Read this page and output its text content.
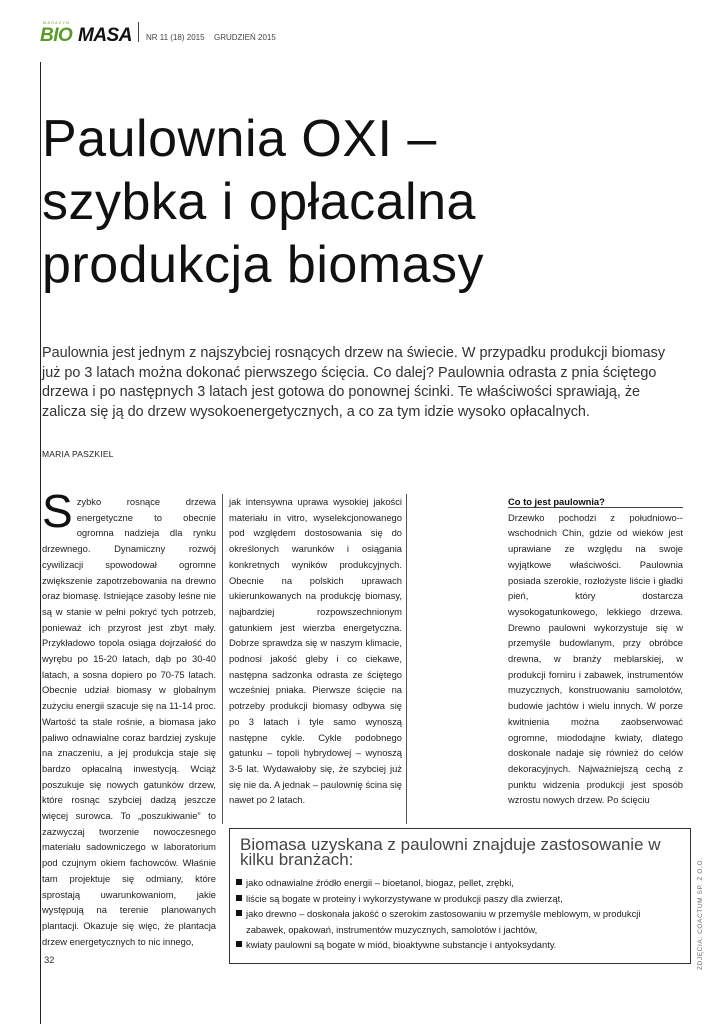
MAGAZYN
BIO MASA NR 11 (18) 2015 GRUDZIEŃ 2015
Paulownia OXI –
szybka i opłacalna
produkcja biomasy
Paulownia jest jednym z najszybciej rosnących drzew na świecie. W przypadku produkcji biomasy już po 3 latach można dokonać pierwszego ścięcia. Co dalej? Paulownia odrasta z pnia ściętego drzewa i po następnych 3 latach jest gotowa do ponownej ścinki. Te właściwości sprawiają, że zalicza się ją do drzew wysokoenergetycznych, a co za tym idzie wysoko opłacalnych.
MARIA PASZKIEL

Szybko rosnące drzewa energetyczne to obecnie ogromna nadzieja dla rynku drzewnego. Dynamiczny rozwój cywilizacji spowodował ogromne zwiększenie zapotrzebowania na drewno oraz biomasę. Istniejące zasoby leśne nie są w stanie w pełni pokryć tych potrzeb, ponieważ ich przyrost jest zbyt mały. Przykładowo topola osiąga dojrzałość do wyrębu po 15-20 latach, dąb po 30-40 latach, a sosna dopiero po 70-75 latach. Obecnie udział biomasy w globalnym zużyciu energii szacuje się na 11-14 proc. Wartość ta stale rośnie, a biomasa jako paliwo odnawialne coraz bardziej zyskuje na znaczeniu, a jej produkcja staje się bardzo opłacalną inwestycją. Wciąż poszukuje się nowych gatunków drzew, które rosnąc szybciej dadzą jeszcze więcej surowca. To „poszukiwanie” to zazwyczaj tworzenie nowoczesnego materiału sadowniczego w laboratorium pod czujnym okiem fachowców. Właśnie tam projektuje się odmiany, które sprostają uwarunkowaniom, jakie występują na terenie planowanych plantacji. Okazuje się więc, że plantacja drzew energetycznych to nic innego,

jak intensywna uprawa wysokiej jakości materiału in vitro, wyselekcjonowanego pod względem dostosowania się do określonych warunków i osiągania konkretnych wyników produkcyjnych. Obecnie na polskich uprawach ukierunkowanych na produkcję biomasy, najbardziej rozpowszechnionym gatunkiem jest wierzba energetyczna. Dobrze sprawdza się w naszym klimacie, podnosi jakość gleby i co ciekawe, następna sadzonka odrasta ze ściętego wcześniej pniaka. Pierwsze ścięcie na potrzeby produkcji biomasy odbywa się po 3 latach i tyle samo wynoszą następne cykle. Cykle podobnego gatunku – topoli hybrydowej – wynoszą 3-5 lat. Wydawałoby się, że szybciej już się nie da. A jednak – paulownię ścina się nawet po 2 latach.

Co to jest paulownia?

Drzewko pochodzi z południowo--wschodnich Chin, gdzie od wieków jest uprawiane ze względu na swoje wyjątkowe właściwości. Paulownia posiada szerokie, rozłożyste liście i gładki pień, który dostarcza wysokogatunkowego, lekkiego drzewa. Drewno paulowni wykorzystuje się w przemyśle budowlanym, przy obróbce drewna, w branży meblarskiej, w produkcji forniru i zabawek, instrumentów muzycznych, konstruowaniu samolotów, budowie jachtów i wielu innych. W porze kwitnienia można zaobserwować ogromne, miododajne kwiaty, dlatego doskonale nadaje się również do celów dekoracyjnych. Najważniejszą cechą z punktu widzenia produkcji jest sposób wzrostu nowych drzew. Po ścięciu

Biomasa uzyskana z paulowni znajduje zastosowanie w kilku branżach:
jako odnawialne źródło energii – bioetanol, biogaz, pellet, zrębki,
liście są bogate w proteiny i wykorzystywane w produkcji paszy dla zwierząt,
jako drewno – doskonała jakość o szerokim zastosowaniu w przemyśle meblowym, w produkcji zabawek, opakowań, instrumentów muzycznych, samolotów i jachtów,
kwiaty paulowni są bogate w miód, bioaktywne substancje i antyoksydanty.	ZDJĘCIA: COACTUM SP. Z O.O.
32
